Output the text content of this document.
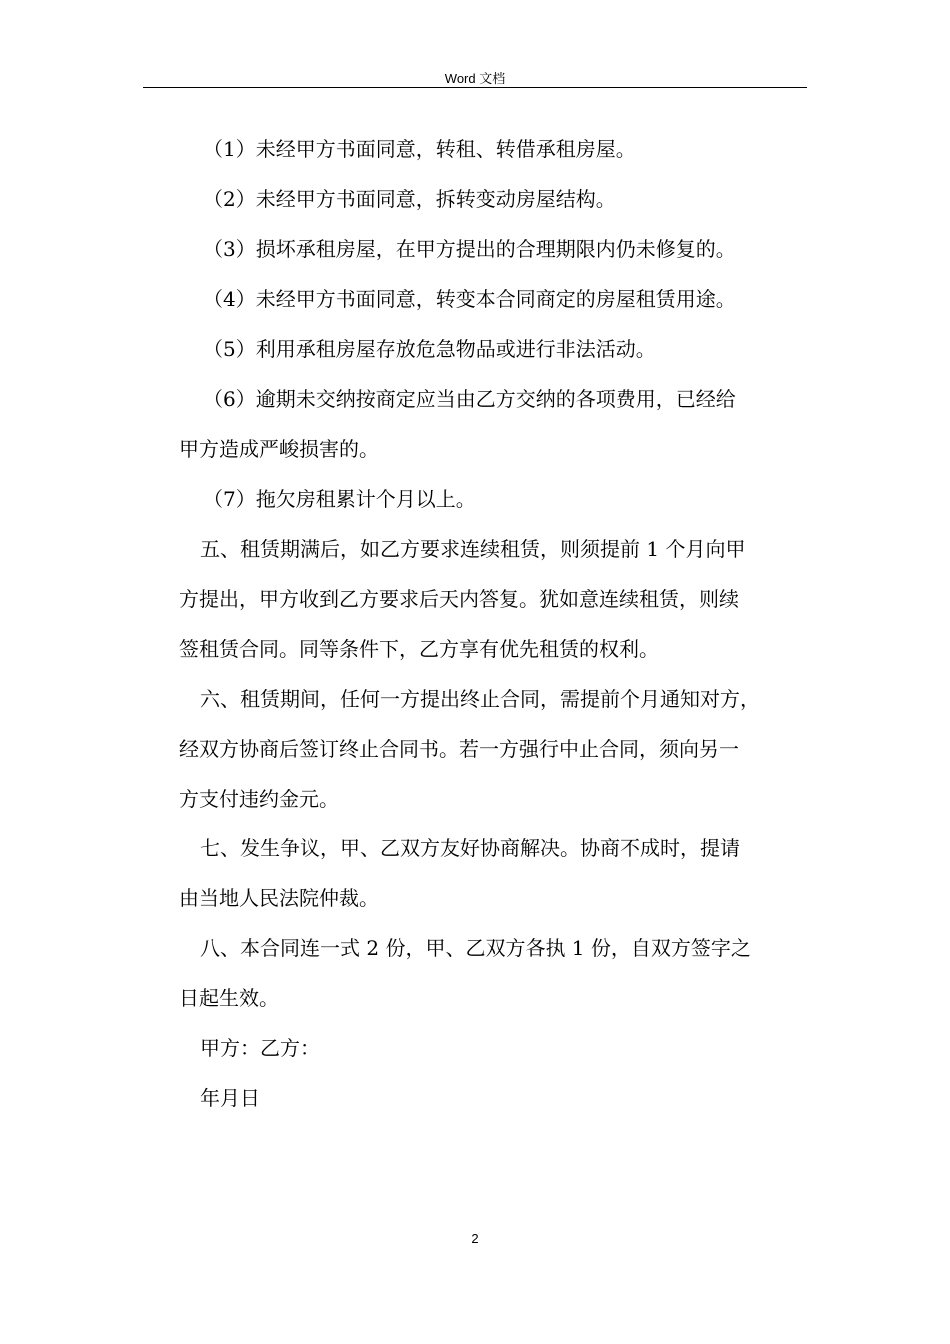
Word 文档
（1）未经甲方书面同意，转租、转借承租房屋。
（2）未经甲方书面同意，拆转变动房屋结构。
（3）损坏承租房屋，在甲方提出的合理期限内仍未修复的。
（4）未经甲方书面同意，转变本合同商定的房屋租赁用途。
（5）利用承租房屋存放危急物品或进行非法活动。
（6）逾期未交纳按商定应当由乙方交纳的各项费用，已经给
甲方造成严峻损害的。
（7）拖欠房租累计个月以上。
五、租赁期满后，如乙方要求连续租赁，则须提前 1 个月向甲
方提出，甲方收到乙方要求后天内答复。犹如意连续租赁，则续
签租赁合同。同等条件下，乙方享有优先租赁的权利。
六、租赁期间，任何一方提出终止合同，需提前个月通知对方，
经双方协商后签订终止合同书。若一方强行中止合同，须向另一
方支付违约金元。
七、发生争议，甲、乙双方友好协商解决。协商不成时，提请
由当地人民法院仲裁。
八、本合同连一式 2 份，甲、乙双方各执 1 份，自双方签字之
日起生效。
甲方：乙方：
年月日
2
